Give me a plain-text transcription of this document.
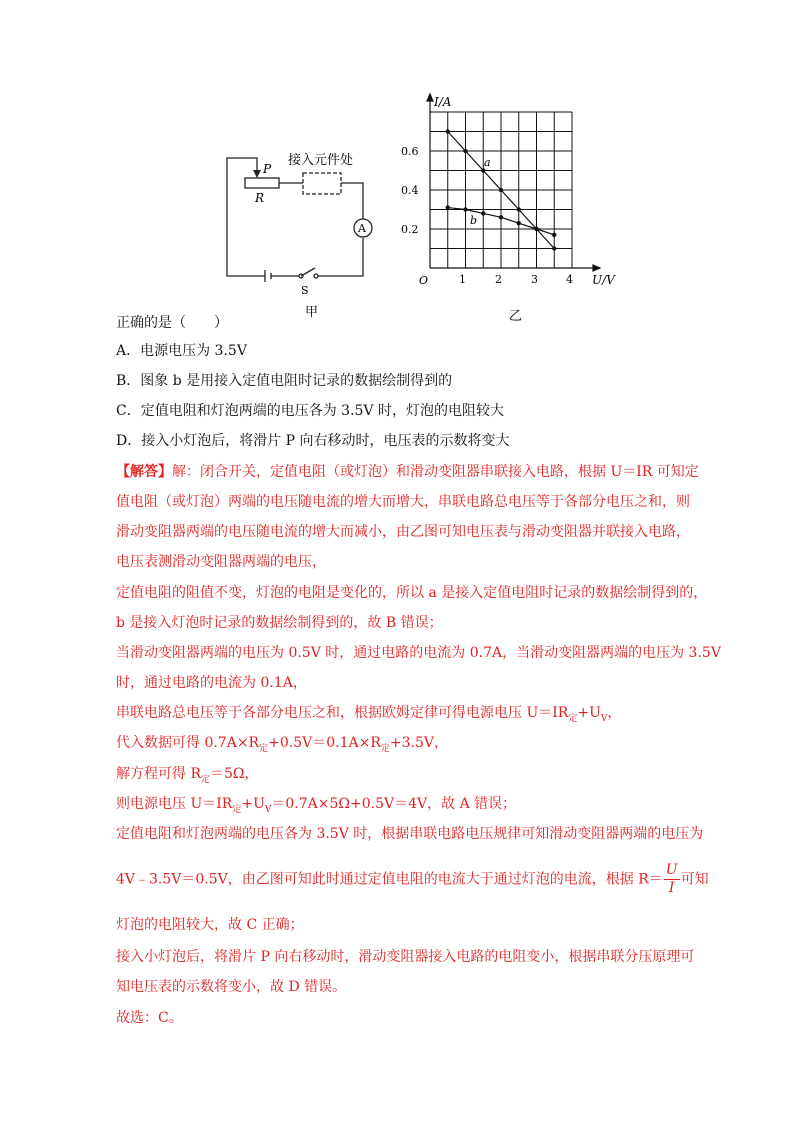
P
R
接入元件处
A
S
甲
I/A
U/V
O
0.6
0.4
0.2
1	2	3	4
a
b
乙
正确的是（　　）
A．电源电压为 3.5V
B．图象 b 是用接入定值电阻时记录的数据绘制得到的
C．定值电阻和灯泡两端的电压各为 3.5V 时，灯泡的电阻较大
D．接入小灯泡后，将滑片 P 向右移动时，电压表的示数将变大
【解答】解：闭合开关，定值电阻（或灯泡）和滑动变阻器串联接入电路，根据 U＝IR 可知定
值电阻（或灯泡）两端的电压随电流的增大而增大，串联电路总电压等于各部分电压之和，则
滑动变阻器两端的电压随电流的增大而减小，由乙图可知电压表与滑动变阻器并联接入电路，
电压表测滑动变阻器两端的电压，
定值电阻的阻值不变，灯泡的电阻是变化的，所以 a 是接入定值电阻时记录的数据绘制得到的，
b 是接入灯泡时记录的数据绘制得到的，故 B 错误；
当滑动变阻器两端的电压为 0.5V 时，通过电路的电流为 0.7A，当滑动变阻器两端的电压为 3.5V
时，通过电路的电流为 0.1A，
串联电路总电压等于各部分电压之和，根据欧姆定律可得电源电压 $U=IR_定+U_V$，
代入数据可得 $0.7A\times R_定+0.5V=0.1A\times R_定+3.5V$，
解方程可得 $R_定=5\Omega$，
则电源电压 $U=IR_定+U_V=0.7A\times 5\Omega+0.5V=4V$，故 A 错误；
定值电阻和灯泡两端的电压各为 3.5V 时，根据串联电路电压规律可知滑动变阻器两端的电压为
4V﹣3.5V＝0.5V，由乙图可知此时通过定值电阻的电流大于通过灯泡的电流，根据 $R= \frac{U}{I}$ 可知
灯泡的电阻较大，故 C 正确；
接入小灯泡后，将滑片 P 向右移动时，滑动变阻器接入电路的电阻变小，根据串联分压原理可
知电压表的示数将变小，故 D 错误。
故选：C。
